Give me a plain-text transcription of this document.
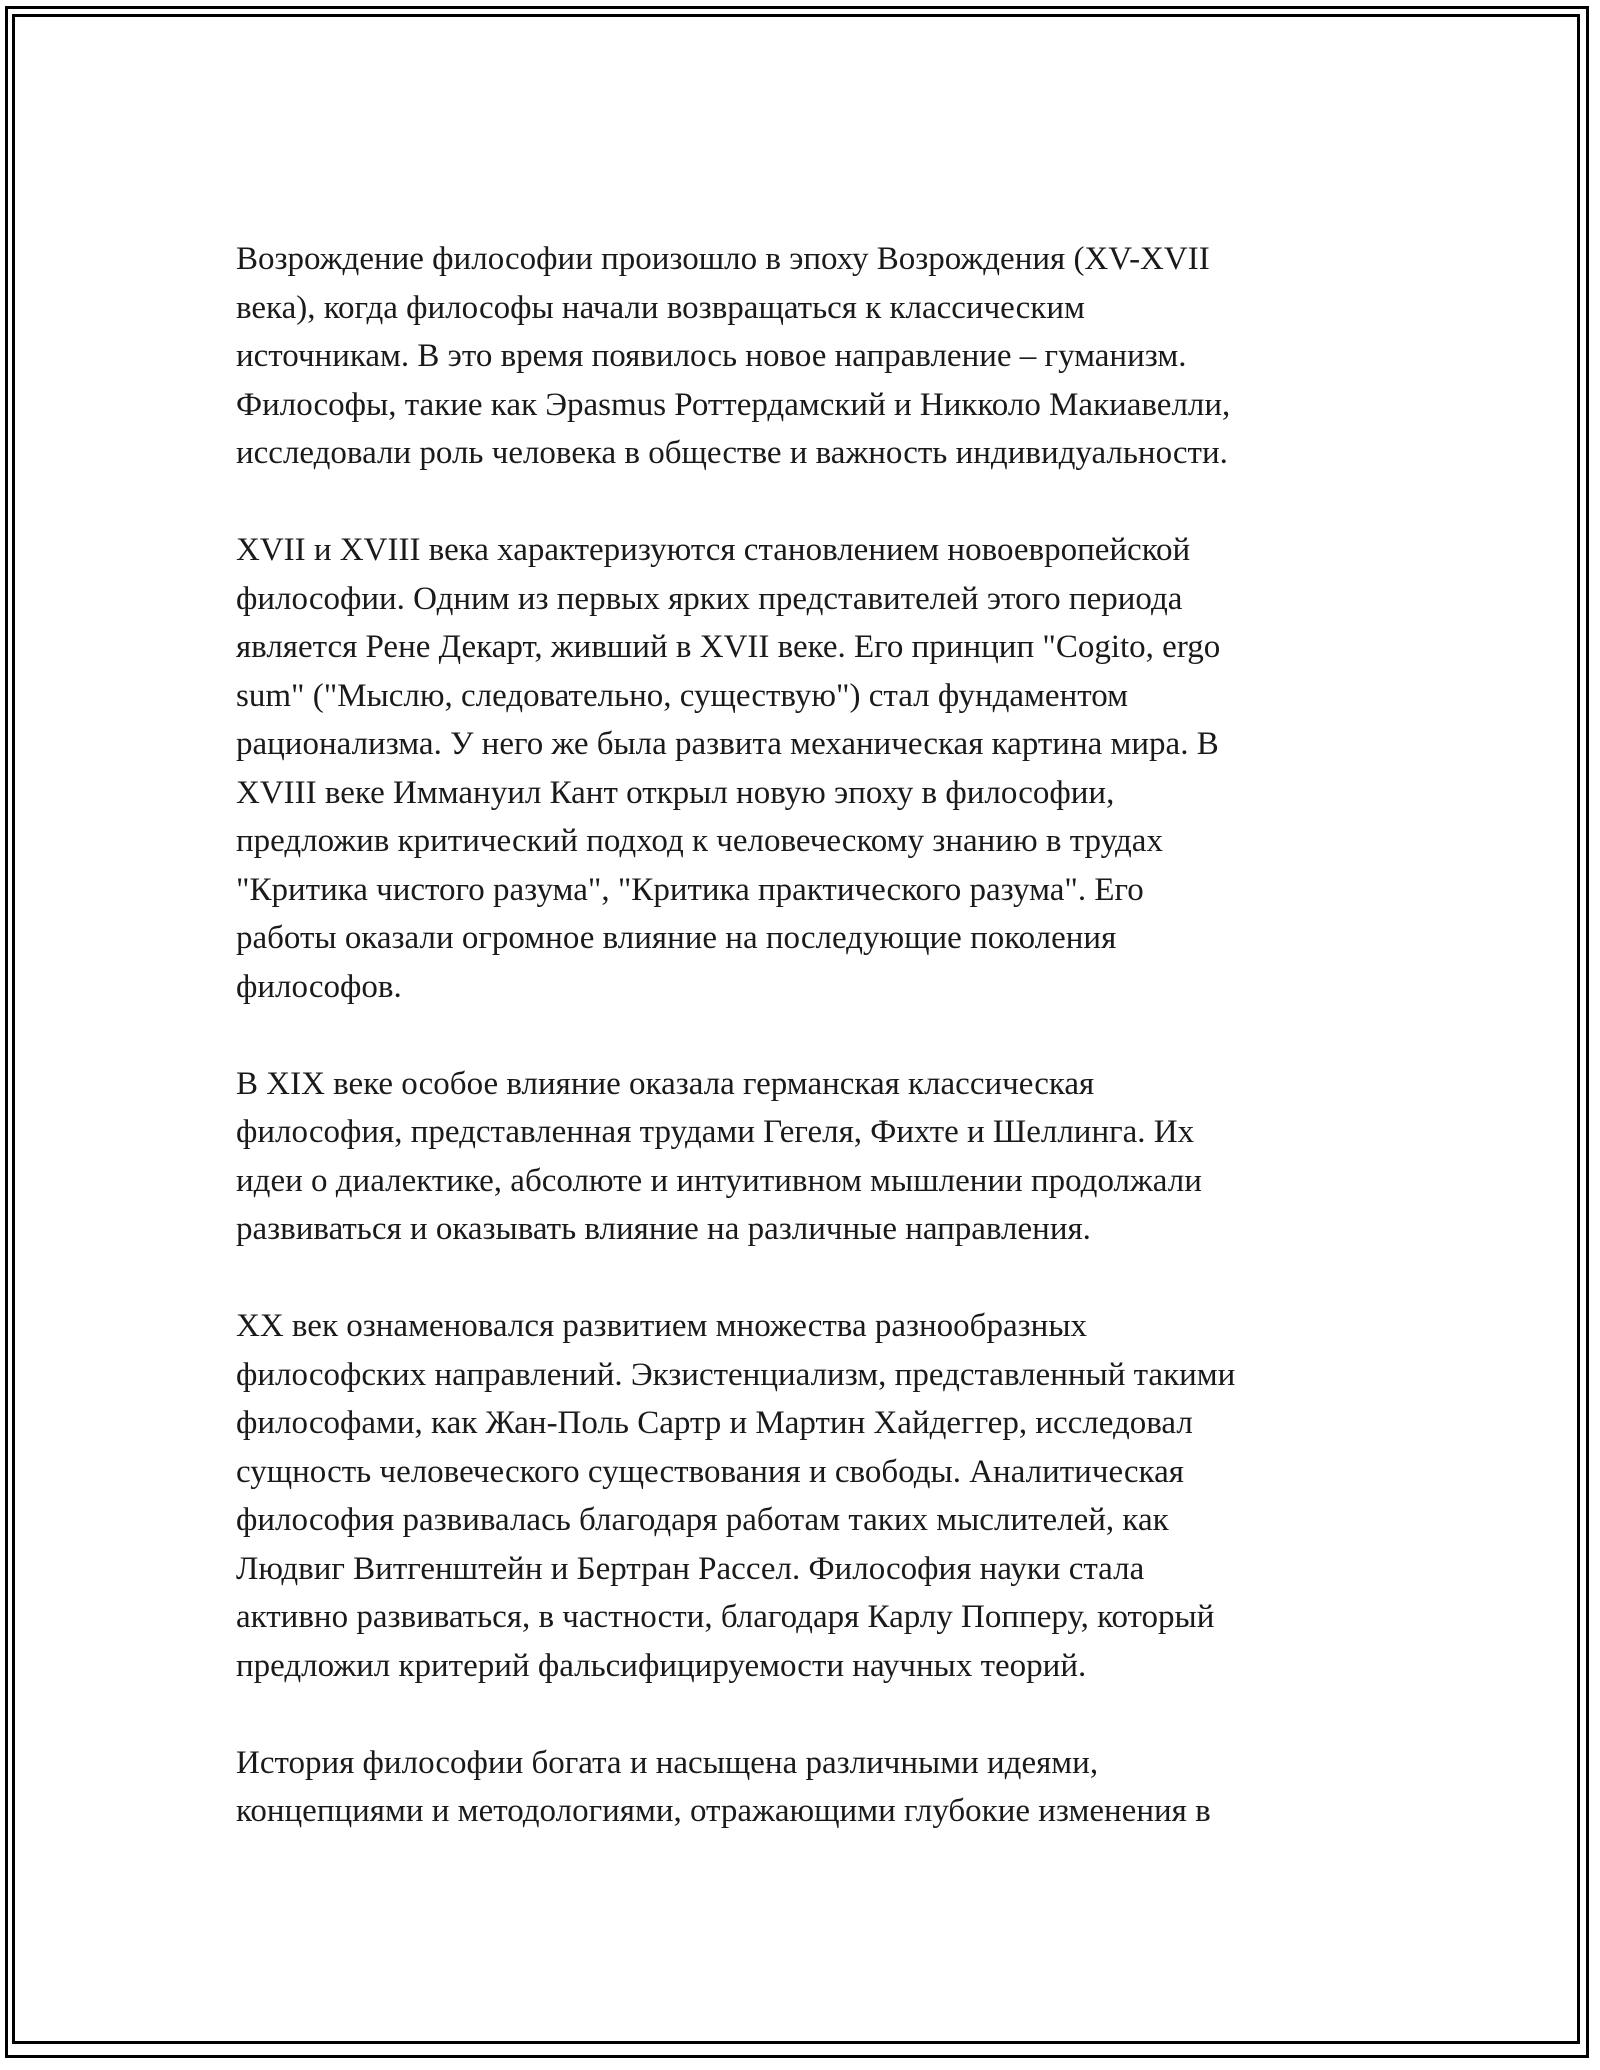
Возрождение философии произошло в эпоху Возрождения (XV-XVII
века), когда философы начали возвращаться к классическим
источникам. В это время появилось новое направление – гуманизм.
Философы, такие как Эрasmus Роттердамский и Никколо Макиавелли,
исследовали роль человека в обществе и важность индивидуальности.

XVII и XVIII века характеризуются становлением новоевропейской
философии. Одним из первых ярких представителей этого периода
является Рене Декарт, живший в XVII веке. Его принцип "Cogito, ergo
sum" ("Мыслю, следовательно, существую") стал фундаментом
рационализма. У него же была развита механическая картина мира. В
XVIII веке Иммануил Кант открыл новую эпоху в философии,
предложив критический подход к человеческому знанию в трудах
"Критика чистого разума", "Критика практического разума". Его
работы оказали огромное влияние на последующие поколения
философов.

В XIX веке особое влияние оказала германская классическая
философия, представленная трудами Гегеля, Фихте и Шеллинга. Их
идеи о диалектике, абсолюте и интуитивном мышлении продолжали
развиваться и оказывать влияние на различные направления.

XX век ознаменовался развитием множества разнообразных
философских направлений. Экзистенциализм, представленный такими
философами, как Жан-Поль Сартр и Мартин Хайдеггер, исследовал
сущность человеческого существования и свободы. Аналитическая
философия развивалась благодаря работам таких мыслителей, как
Людвиг Витгенштейн и Бертран Рассел. Философия науки стала
активно развиваться, в частности, благодаря Карлу Попперу, который
предложил критерий фальсифицируемости научных теорий.

История философии богата и насыщена различными идеями,
концепциями и методологиями, отражающими глубокие изменения в
